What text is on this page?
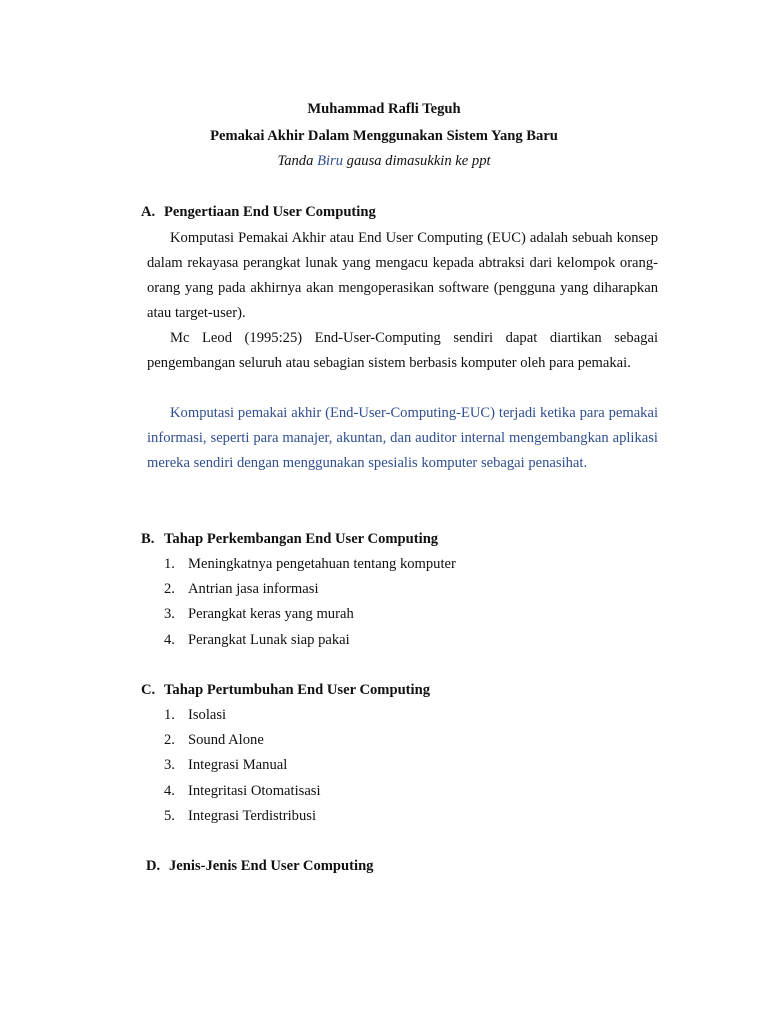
Muhammad Rafli Teguh

Pemakai Akhir Dalam Menggunakan Sistem Yang Baru

Tanda Biru gausa dimasukkin ke ppt

A. Pengertiaan End User Computing

Komputasi Pemakai Akhir atau End User Computing (EUC) adalah sebuah konsep dalam rekayasa perangkat lunak yang mengacu kepada abtraksi dari kelompok orang-orang yang pada akhirnya akan mengoperasikan software (pengguna yang diharapkan atau target-user).

Mc Leod (1995:25) End-User-Computing sendiri dapat diartikan sebagai pengembangan seluruh atau sebagian sistem berbasis komputer oleh para pemakai.

Komputasi pemakai akhir (End-User-Computing-EUC) terjadi ketika para pemakai informasi, seperti para manajer, akuntan, dan auditor internal mengembangkan aplikasi mereka sendiri dengan menggunakan spesialis komputer sebagai penasihat.

B. Tahap Perkembangan End User Computing

1. Meningkatnya pengetahuan tentang komputer
2. Antrian jasa informasi
3. Perangkat keras yang murah
4. Perangkat Lunak siap pakai

C. Tahap Pertumbuhan End User Computing

1. Isolasi
2. Sound Alone
3. Integrasi Manual
4. Integritasi Otomatisasi
5. Integrasi Terdistribusi

D. Jenis-Jenis End User Computing
